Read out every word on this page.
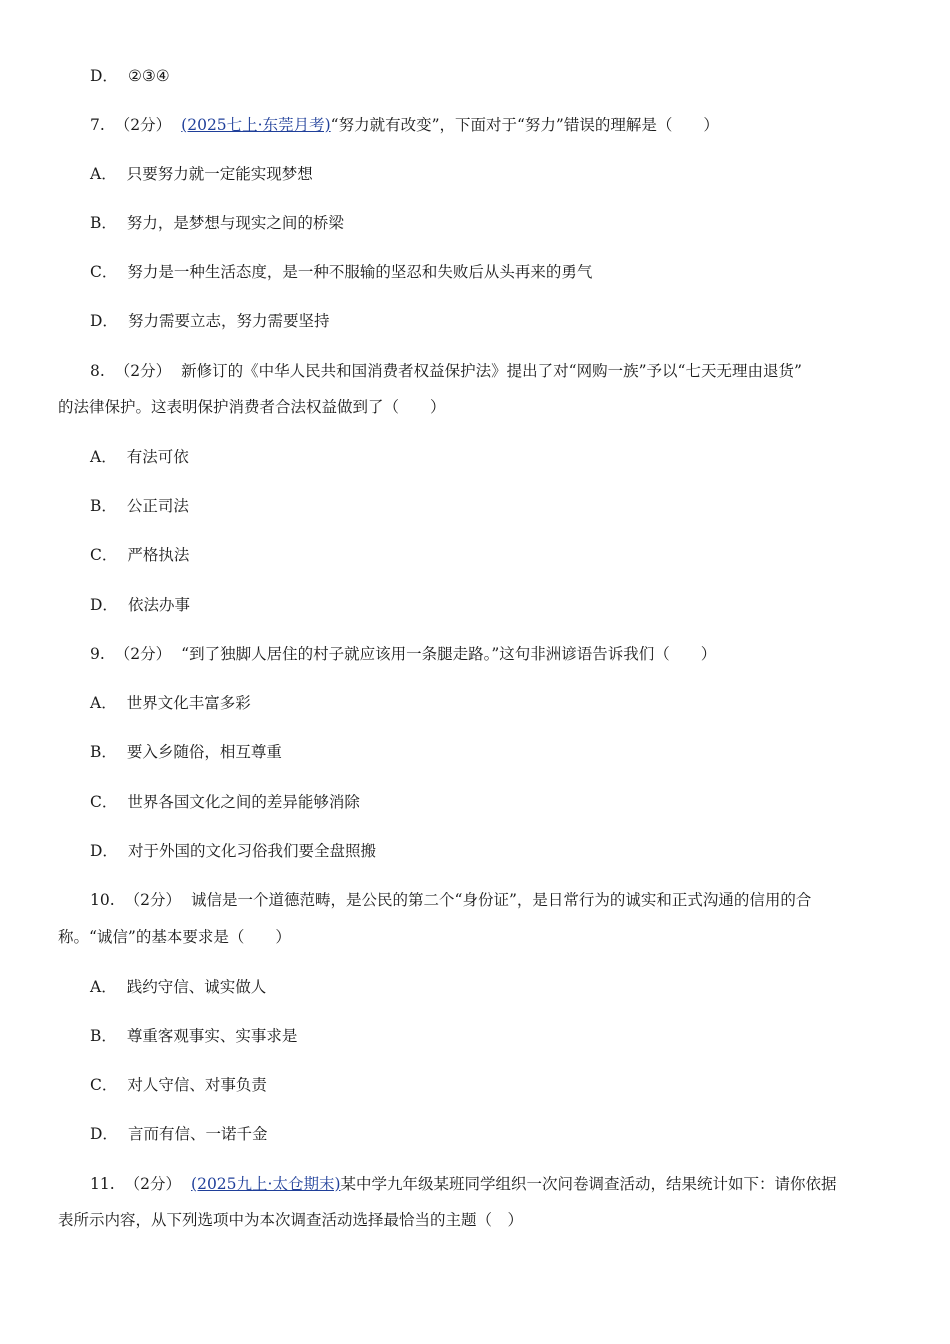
D． ②③④
7. （2分） (2025七上·东莞月考)“努力就有改变”，下面对于“努力”错误的理解是（　　）
A． 只要努力就一定能实现梦想
B． 努力，是梦想与现实之间的桥梁
C． 努力是一种生活态度，是一种不服输的坚忍和失败后从头再来的勇气
D． 努力需要立志，努力需要坚持
8. （2分） 新修订的《中华人民共和国消费者权益保护法》提出了对“网购一族”予以“七天无理由退货”
的法律保护。这表明保护消费者合法权益做到了（　　）
A． 有法可依
B． 公正司法
C． 严格执法
D． 依法办事
9. （2分） “到了独脚人居住的村子就应该用一条腿走路。”这句非洲谚语告诉我们（　　）
A． 世界文化丰富多彩
B． 要入乡随俗，相互尊重
C． 世界各国文化之间的差异能够消除
D． 对于外国的文化习俗我们要全盘照搬
10. （2分） 诚信是一个道德范畴，是公民的第二个“身份证”，是日常行为的诚实和正式沟通的信用的合
称。“诚信”的基本要求是（　　）
A． 践约守信、诚实做人
B． 尊重客观事实、实事求是
C． 对人守信、对事负责
D． 言而有信、一诺千金
11. （2分） (2025九上·太仓期末)某中学九年级某班同学组织一次问卷调查活动，结果统计如下：请你依据
表所示内容，从下列选项中为本次调查活动选择最恰当的主题（　）
